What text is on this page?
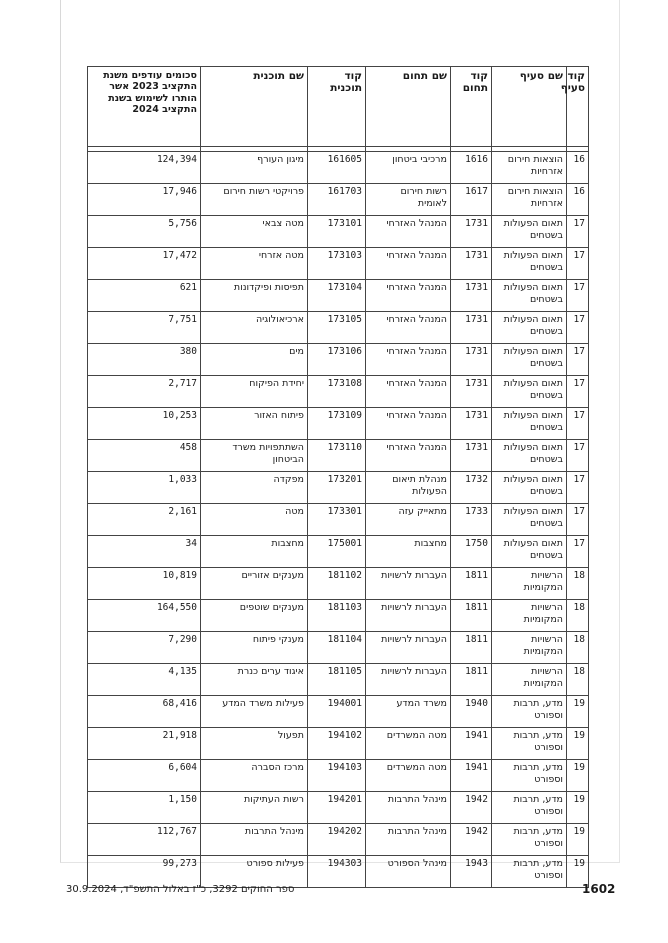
קוד סעיף	שם סעיף	קוד תחום	שם תחום	קוד תוכנית	שם תוכנית	סכומים עודפים משנת התקציב 2023 אשר הותרו לשימוש בשנת התקציב 2024

16	הוצאות חירום אזרחיות	1616	מרכיבי ביטחון	161605	מיגון העורף	124,394
16	הוצאות חירום אזרחיות	1617	רשות חירום לאומית	161703	פרויקטי רשות חירום	17,946
17	תאום הפעולות בשטחים	1731	המנהל האזרחי	173101	מטה צבאי	5,756
17	תאום הפעולות בשטחים	1731	המנהל האזרחי	173103	מטה אזרחי	17,472
17	תאום הפעולות בשטחים	1731	המנהל האזרחי	173104	תפיסות ופיקדונות	621
17	תאום הפעולות בשטחים	1731	המנהל האזרחי	173105	ארכיאולוגיה	7,751
17	תאום הפעולות בשטחים	1731	המנהל האזרחי	173106	מים	380
17	תאום הפעולות בשטחים	1731	המנהל האזרחי	173108	יחידת הפיקוח	2,717
17	תאום הפעולות בשטחים	1731	המנהל האזרחי	173109	פיתוח האזור	10,253
17	תאום הפעולות בשטחים	1731	המנהל האזרחי	173110	השתתפויות משרד הביטחון	458
17	תאום הפעולות בשטחים	1732	מנהלת תיאום הפעולות	173201	מפקדה	1,033
17	תאום הפעולות בשטחים	1733	מתאייק עזה	173301	מטה	2,161
17	תאום הפעולות בשטחים	1750	מחצבות	175001	מחצבות	34
18	הרשויות המקומיות	1811	העברות לרשויות	181102	מענקים אזוריים	10,819
18	הרשויות המקומיות	1811	העברות לרשויות	181103	מענקים שוטפים	164,550
18	הרשויות המקומיות	1811	העברות לרשויות	181104	מענקי פיתוח	7,290
18	הרשויות המקומיות	1811	העברות לרשויות	181105	איגוד ערים כנרת	4,135
19	מדע, תרבות וספורט	1940	משרד המדע	194001	פעילות משרד המדע	68,416
19	מדע, תרבות וספורט	1941	מטה המשרדים	194102	תפעול	21,918
19	מדע, תרבות וספורט	1941	מטה המשרדים	194103	מרכז הסברה	6,604
19	מדע, תרבות וספורט	1942	מינהל התרבות	194201	רשות העתיקות	1,150
19	מדע, תרבות וספורט	1942	מינהל התרבות	194202	מינהל התרבות	112,767
19	מדע, תרבות וספורט	1943	מינהל הספורט	194303	פעילות ספורט	99,273
ספר החוקים 3292, כ"ז באלול התשפ"ד, 30.9.2024	1602
